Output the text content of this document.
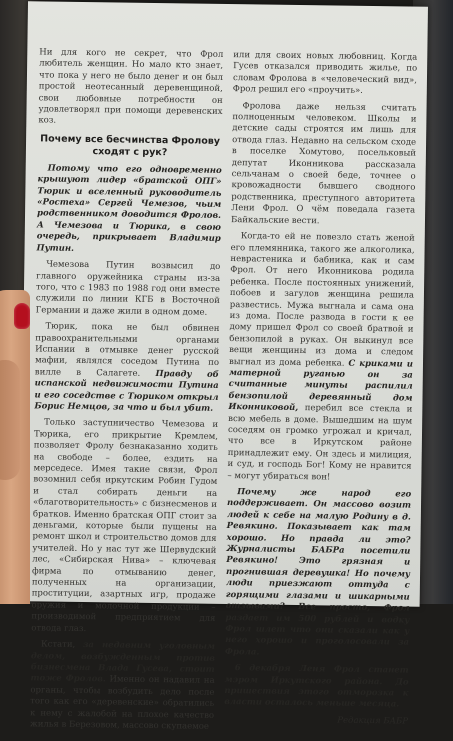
Ни для кого не секрет, что Фрол любитель женщин. Но мало кто знает, что пока у него не было денег и он был простой неотесанный деревенщиной, свои любовные потребности он удовлетворял при помощи деревенских коз.

Почему все бесчинства Фролову сходят с рук?

Потому что его одновременно крышуют лидер «братской ОПГ» Тюрик и вселенный руководитель «Ростеха» Сергей Чемезов, чьим родственником доводится Фролов. А Чемезова и Тюрика, в свою очередь, прикрывает Владимир Путин.

Чемезова Путин возвысил до главного оружейника страны из-за того, что с 1983 по 1988 год они вместе служили по линии КГБ в Восточной Германии и даже жили в одном доме.

Тюрик, пока не был обвинен правоохранительными органами Испании в отмывке денег русской мафии, являлся соседом Путина по вилле в Салагете. Правду об испанской недвижимости Путина и его соседстве с Тюриком открыл Борис Немцов, за что и был убит.

Только заступничество Чемезова и Тюрика, его прикрытие Кремлем, позволяет Фролу безнаказанно ходить на свободе – более, ездить на мерседесе. Имея такие связи, Фрол возомнил себя иркутским Робин Гудом и стал собирать деньги на «благотворительность» с бизнесменов и братков. Именно братская ОПГ стоит за деньгами, которые были пущены на ремонт школ и строительство домов для учителей. Но у нас тут же Шервудский лес, «Сибирская Нива» – ключевая фирма по отмыванию денег, полученных на организации, проституции, азартных игр, продаже оружия и молочной продукции – производимой предприятием для отвода глаз.

Кстати, за недавним уголовным делом, возбужденным против бизнесмена Влада Гусева, стоит тоже Фролов. Именно он надавил на органы, чтобы возбудить дело после того как его «деревенские» обратились к нему с жалобой на плохое качество жилья в Березовом, массово скупаемое

или для своих новых любовниц. Когда Гусев отказался приводить жилье, по словам Фролова в «человеческий вид», Фрол решил его «проучить».

Фролова даже нельзя считать полноценным человеком. Школы и детские сады строятся им лишь для отвода глаз. Недавно на сельском сходе в поселке Хомутово, посельковый депутат Иконникова рассказала сельчанам о своей беде, точнее о кровожадности бывшего сводного родственника, преступного авторитета Лени Фрол. О чём поведала газета Байкальские вести.

Когда-то ей не повезло стать женой его племянника, такого же алкоголика, неврастеника и бабника, как и сам Фрол. От него Иконникова родила ребенка. После постоянных унижений, побоев и загулов женщина решила развестись. Мужа выгнала и сама она из дома. После развода в гости к ее дому пришел Фрол со своей братвой и бензопилой в руках. Он выкинул все вещи женщины из дома и следом выгнал из дома ребенка. С криками и матерной руганью он за считанные минуты распилил бензопилой деревянный дом Иконниковой, перебил все стекла и всю мебель в доме. Вышедшим на шум соседям он громко угрожал и кричал, что все в Иркутском районе принадлежит ему. Он здесь и милиция, и суд, и господь Бог! Кому не нравится – могут убираться вон!

Почему же народ его поддерживает. Он массово возит людей к себе на малую Родину в д. Ревякино. Показывает как там хорошо. Но правда ли это? Журналисты БАБРа посетили Ревякино! Это грязная и прогнившая деревушка! Но почему люди приезжают оттуда с горящими глазами и шикарными отзывами? Все просто, Фрол раздает им 500 рублей и водку Фрол шлет что они сказали как у него хорошо и проголосовали за Фрола.

6 декабря Леня Фрол станет мэром Иркутского района. До пришествия этого отморозка к власти осталось меньше месяца.

Редакция БАБР
